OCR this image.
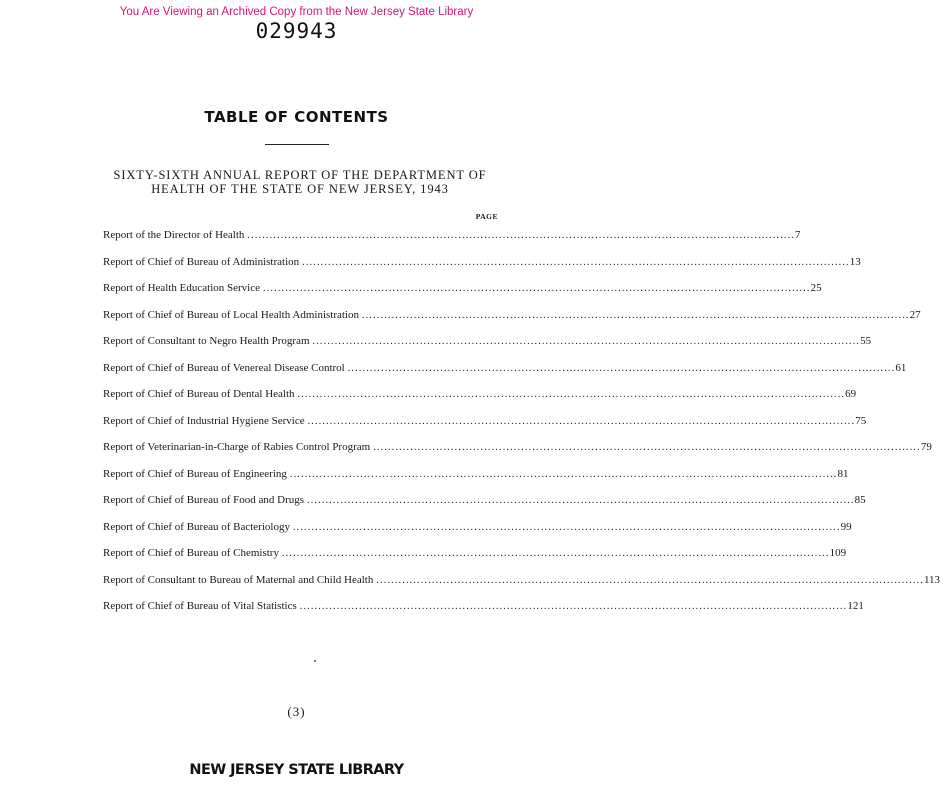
You Are Viewing an Archived Copy from the New Jersey State Library
029943
TABLE OF CONTENTS
SIXTY-SIXTH ANNUAL REPORT OF THE DEPARTMENT OF
HEALTH OF THE STATE OF NEW JERSEY, 1943
PAGE
Report of the Director of Health .................................................................................................................................................... 7
Report of Chief of Bureau of Administration .................................................................................................................................................... 13
Report of Health Education Service .................................................................................................................................................... 25
Report of Chief of Bureau of Local Health Administration .................................................................................................................................................... 27
Report of Consultant to Negro Health Program .................................................................................................................................................... 55
Report of Chief of Bureau of Venereal Disease Control .................................................................................................................................................... 61
Report of Chief of Bureau of Dental Health .................................................................................................................................................... 69
Report of Chief of Industrial Hygiene Service .................................................................................................................................................... 75
Report of Veterinarian-in-Charge of Rabies Control Program .................................................................................................................................................... 79
Report of Chief of Bureau of Engineering .................................................................................................................................................... 81
Report of Chief of Bureau of Food and Drugs .................................................................................................................................................... 85
Report of Chief of Bureau of Bacteriology .................................................................................................................................................... 99
Report of Chief of Bureau of Chemistry .................................................................................................................................................... 109
Report of Consultant to Bureau of Maternal and Child Health .................................................................................................................................................... 113
Report of Chief of Bureau of Vital Statistics .................................................................................................................................................... 121
(3)
NEW JERSEY STATE LIBRARY
